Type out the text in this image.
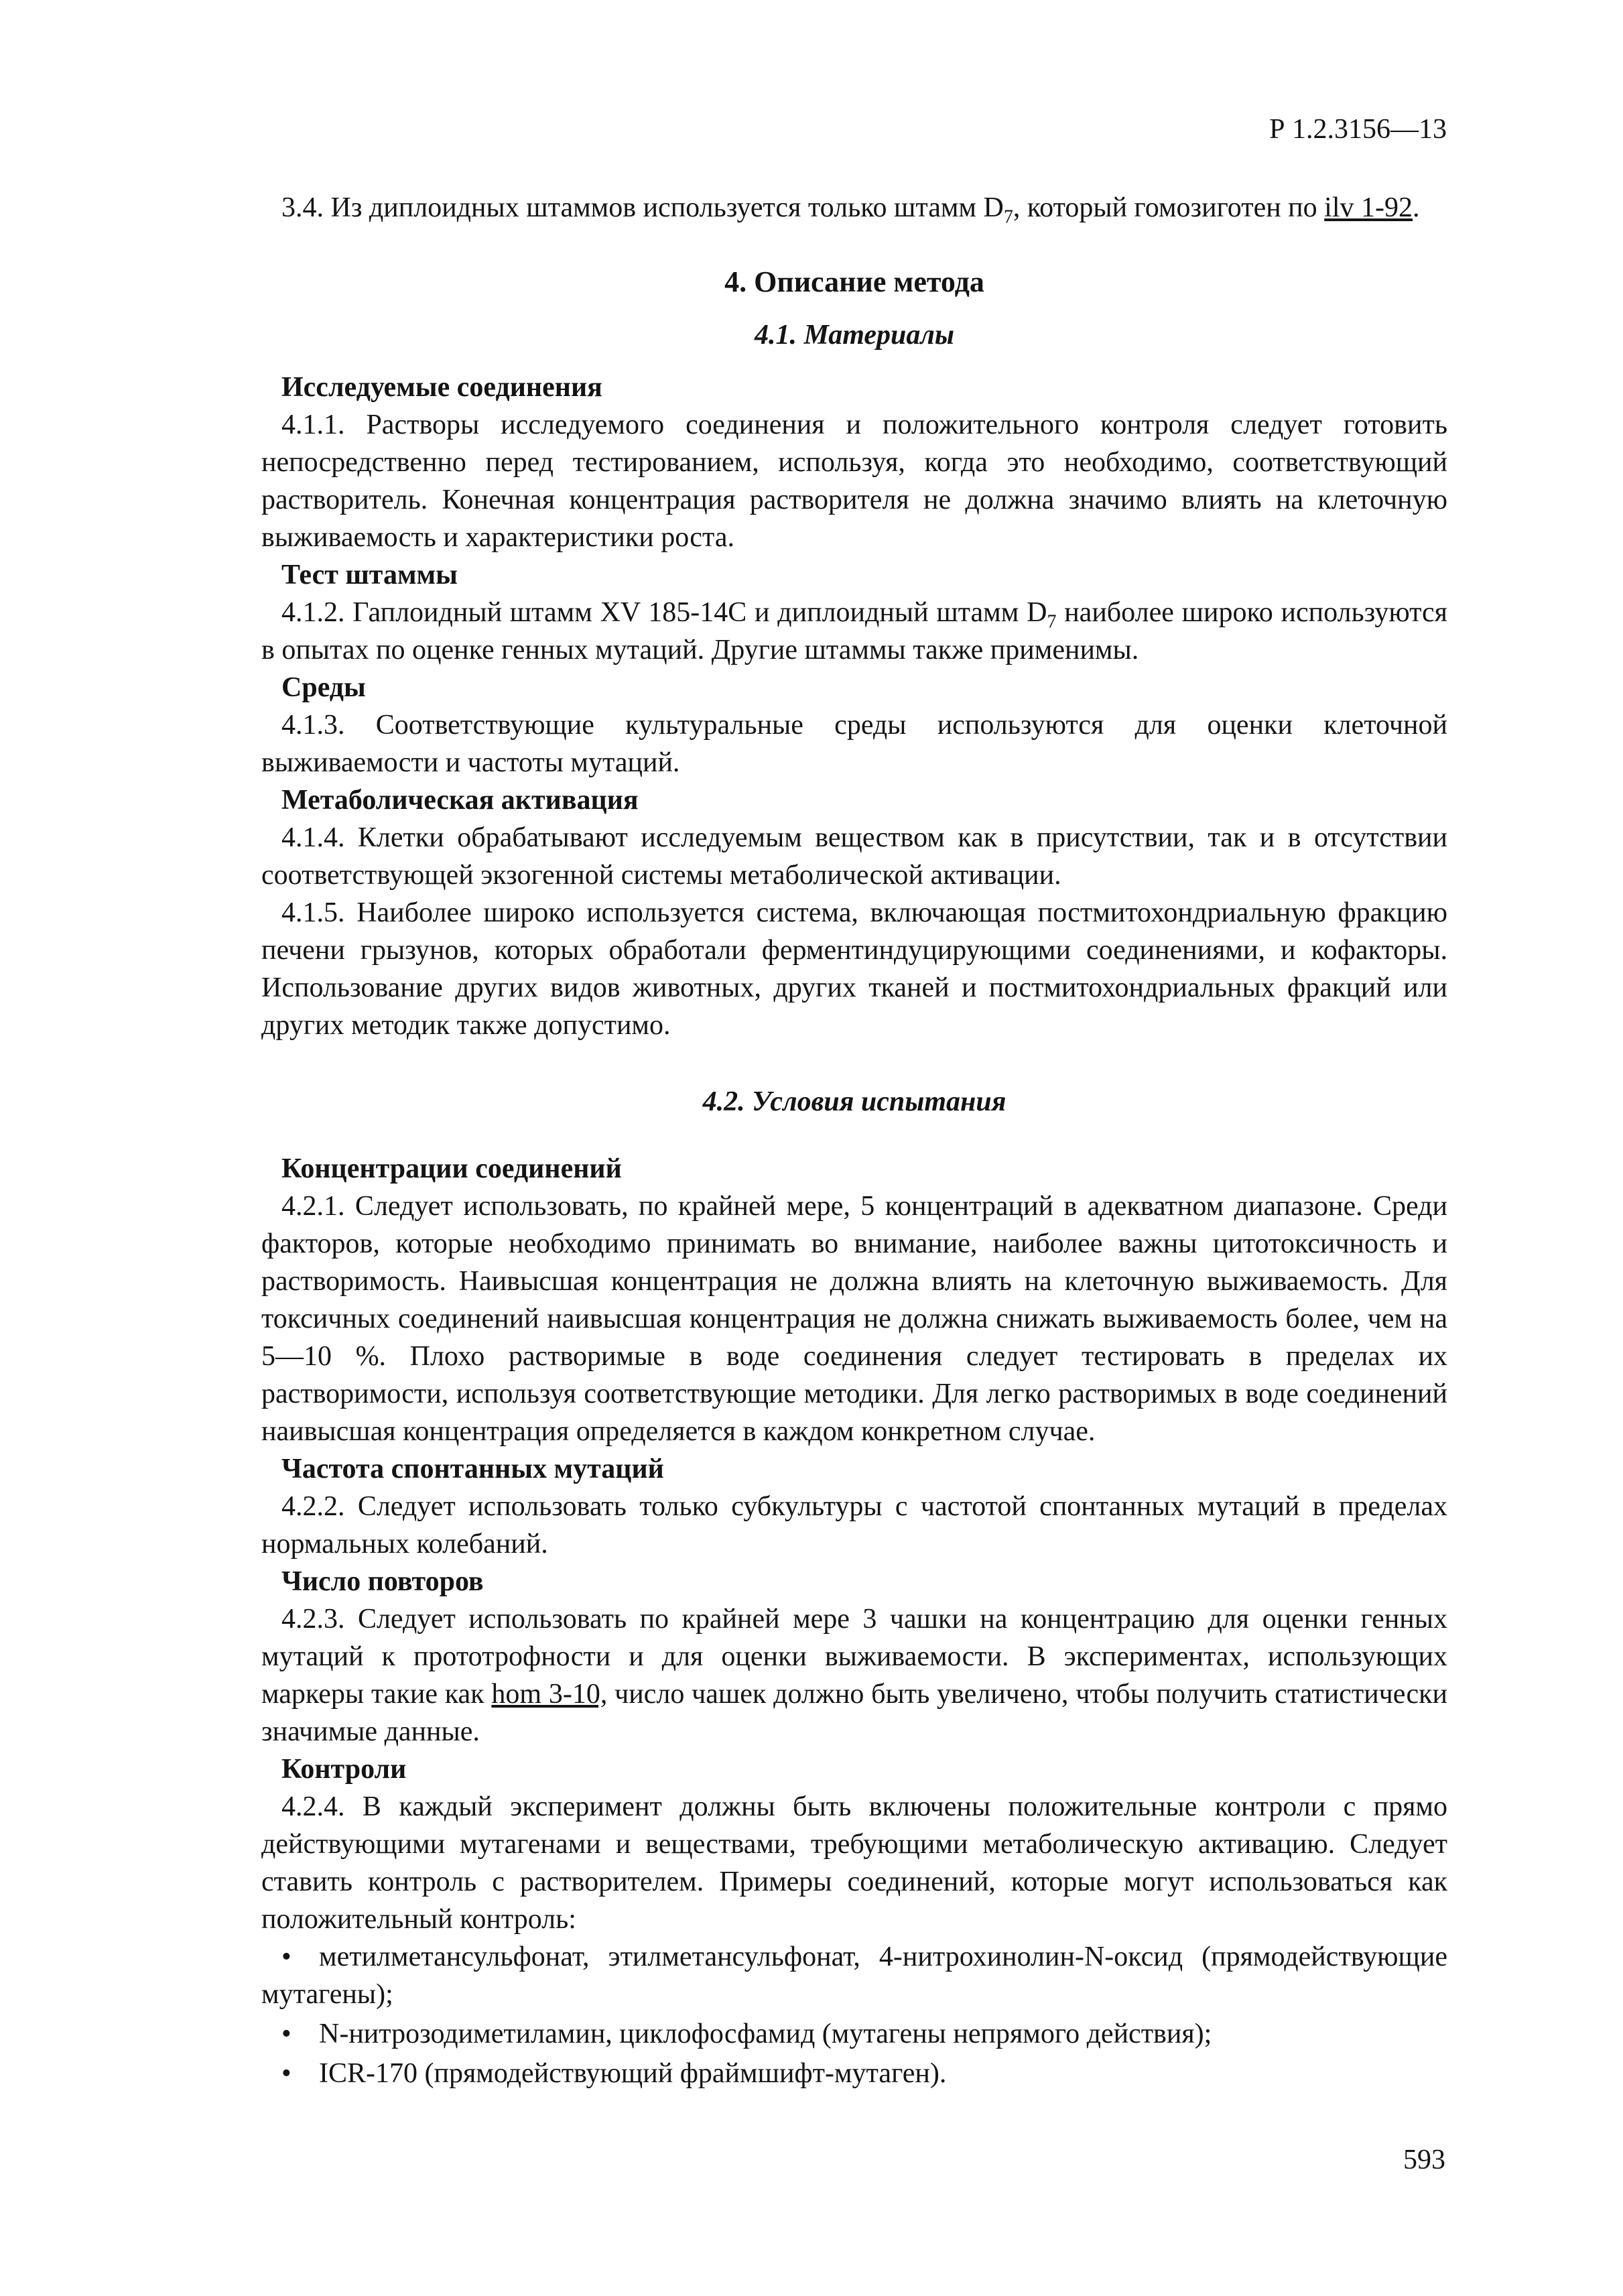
Р 1.2.3156—13

3.4. Из диплоидных штаммов используется только штамм $D_7$, который гомозиготен по ilv 1-92.

4. Описание метода
4.1. Материалы
Исследуемые соединения

4.1.1. Растворы исследуемого соединения и положительного контроля следует готовить непосредственно перед тестированием, используя, когда это необходимо, соответствующий растворитель. Конечная концентрация растворителя не должна значимо влиять на клеточную выживаемость и характеристики роста.

Тест штаммы

4.1.2. Гаплоидный штамм XV 185-14C и диплоидный штамм $D_7$ наиболее широко используются в опытах по оценке генных мутаций. Другие штаммы также применимы.

Среды

4.1.3. Соответствующие культуральные среды используются для оценки клеточной выживаемости и частоты мутаций.

Метаболическая активация

4.1.4. Клетки обрабатывают исследуемым веществом как в присутствии, так и в отсутствии соответствующей экзогенной системы метаболической активации.

4.1.5. Наиболее широко используется система, включающая постмитохондриальную фракцию печени грызунов, которых обработали ферментиндуцирующими соединениями, и кофакторы. Использование других видов животных, других тканей и постмитохондриальных фракций или других методик также допустимо.

4.2. Условия испытания
Концентрации соединений

4.2.1. Следует использовать, по крайней мере, 5 концентраций в адекватном диапазоне. Среди факторов, которые необходимо принимать во внимание, наиболее важны цитотоксичность и растворимость. Наивысшая концентрация не должна влиять на клеточную выживаемость. Для токсичных соединений наивысшая концентрация не должна снижать выживаемость более, чем на 5—10 %. Плохо растворимые в воде соединения следует тестировать в пределах их растворимости, используя соответствующие методики. Для легко растворимых в воде соединений наивысшая концентрация определяется в каждом конкретном случае.

Частота спонтанных мутаций

4.2.2. Следует использовать только субкультуры с частотой спонтанных мутаций в пределах нормальных колебаний.

Число повторов

4.2.3. Следует использовать по крайней мере 3 чашки на концентрацию для оценки генных мутаций к прототрофности и для оценки выживаемости. В экспериментах, использующих маркеры такие как hom 3-10, число чашек должно быть увеличено, чтобы получить статистически значимые данные.

Контроли

4.2.4. В каждый эксперимент должны быть включены положительные контроли с прямо действующими мутагенами и веществами, требующими метаболическую активацию. Следует ставить контроль с растворителем. Примеры соединений, которые могут использоваться как положительный контроль:

• метилметансульфонат, этилметансульфонат, 4-нитрохинолин-N-оксид (прямодействующие мутагены);
• N-нитрозодиметиламин, циклофосфамид (мутагены непрямого действия);
• ICR-170 (прямодействующий фраймшифт-мутаген).
593
